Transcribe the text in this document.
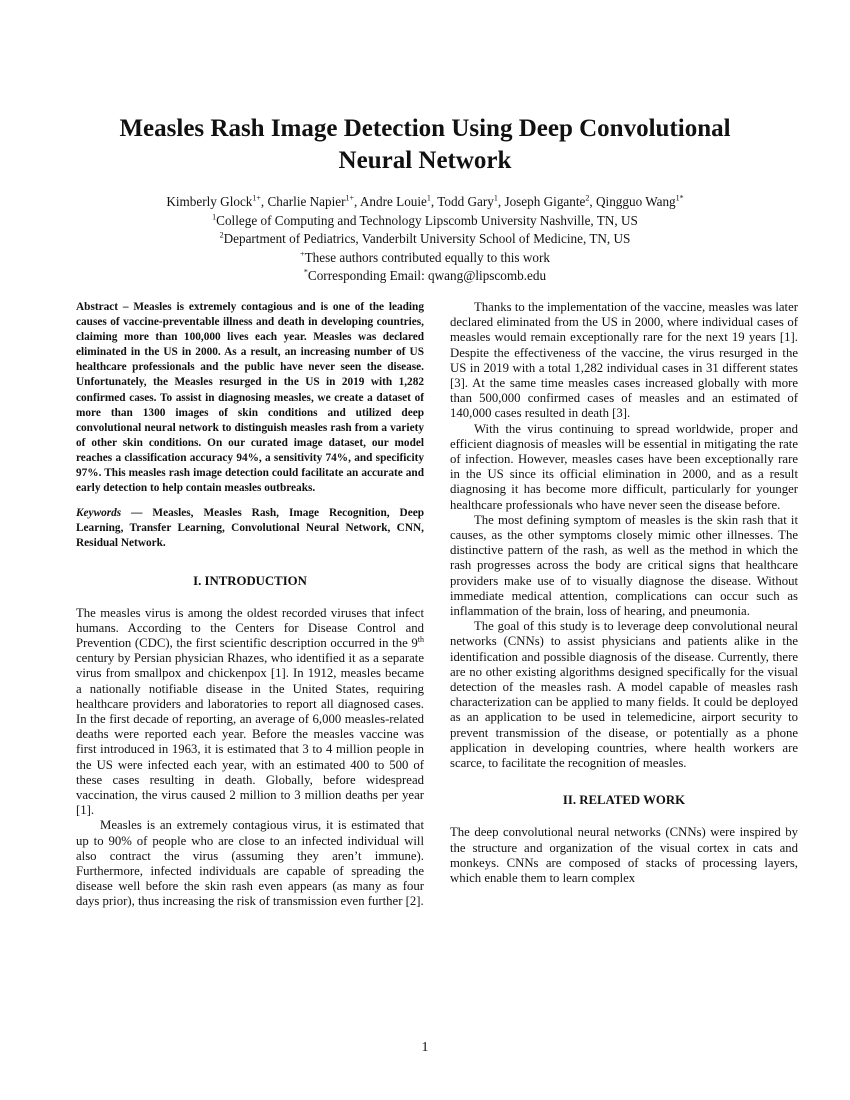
Measles Rash Image Detection Using Deep Convolutional
Neural Network
Kimberly Glock$^{1+}$, Charlie Napier$^{1+}$, Andre Louie$^1$, Todd Gary$^1$, Joseph Gigante$^2$, Qingguo Wang$^{1*}$
$^1$College of Computing and Technology Lipscomb University Nashville, TN, US
$^2$Department of Pediatrics, Vanderbilt University School of Medicine, TN, US
+These authors contributed equally to this work
*Corresponding Email: qwang@lipscomb.edu

Abstract – Measles is extremely contagious and is one of the leading causes of vaccine-preventable illness and death in developing countries, claiming more than 100,000 lives each year. Measles was declared eliminated in the US in 2000. As a result, an increasing number of US healthcare professionals and the public have never seen the disease. Unfortunately, the Measles resurged in the US in 2019 with 1,282 confirmed cases. To assist in diagnosing measles, we create a dataset of more than 1300 images of skin conditions and utilized deep convolutional neural network to distinguish measles rash from a variety of other skin conditions. On our curated image dataset, our model reaches a classification accuracy 94%, a sensitivity 74%, and specificity 97%. This measles rash image detection could facilitate an accurate and early detection to help contain measles outbreaks.

Keywords — Measles, Measles Rash, Image Recognition, Deep Learning, Transfer Learning, Convolutional Neural Network, CNN, Residual Network.

I. INTRODUCTION

The measles virus is among the oldest recorded viruses that infect humans. According to the Centers for Disease Control and Prevention (CDC), the first scientific description occurred in the 9th century by Persian physician Rhazes, who identified it as a separate virus from smallpox and chickenpox [1]. In 1912, measles became a nationally notifiable disease in the United States, requiring healthcare providers and laboratories to report all diagnosed cases. In the first decade of reporting, an average of 6,000 measles-related deaths were reported each year. Before the measles vaccine was first introduced in 1963, it is estimated that 3 to 4 million people in the US were infected each year, with an estimated 400 to 500 of these cases resulting in death. Globally, before widespread vaccination, the virus caused 2 million to 3 million deaths per year [1].

Measles is an extremely contagious virus, it is estimated that up to 90% of people who are close to an infected individual will also contract the virus (assuming they aren’t immune). Furthermore, infected individuals are capable of spreading the disease well before the skin rash even appears (as many as four days prior), thus increasing the risk of transmission even further [2].

Thanks to the implementation of the vaccine, measles was later declared eliminated from the US in 2000, where individual cases of measles would remain exceptionally rare for the next 19 years [1]. Despite the effectiveness of the vaccine, the virus resurged in the US in 2019 with a total 1,282 individual cases in 31 different states [3]. At the same time measles cases increased globally with more than 500,000 confirmed cases of measles and an estimated of 140,000 cases resulted in death [3].

With the virus continuing to spread worldwide, proper and efficient diagnosis of measles will be essential in mitigating the rate of infection. However, measles cases have been exceptionally rare in the US since its official elimination in 2000, and as a result diagnosing it has become more difficult, particularly for younger healthcare professionals who have never seen the disease before.

The most defining symptom of measles is the skin rash that it causes, as the other symptoms closely mimic other illnesses. The distinctive pattern of the rash, as well as the method in which the rash progresses across the body are critical signs that healthcare providers make use of to visually diagnose the disease. Without immediate medical attention, complications can occur such as inflammation of the brain, loss of hearing, and pneumonia.

The goal of this study is to leverage deep convolutional neural networks (CNNs) to assist physicians and patients alike in the identification and possible diagnosis of the disease. Currently, there are no other existing algorithms designed specifically for the visual detection of the measles rash. A model capable of measles rash characterization can be applied to many fields. It could be deployed as an application to be used in telemedicine, airport security to prevent transmission of the disease, or potentially as a phone application in developing countries, where health workers are scarce, to facilitate the recognition of measles.

II. RELATED WORK

The deep convolutional neural networks (CNNs) were inspired by the structure and organization of the visual cortex in cats and monkeys. CNNs are composed of stacks of processing layers, which enable them to learn complex

1
